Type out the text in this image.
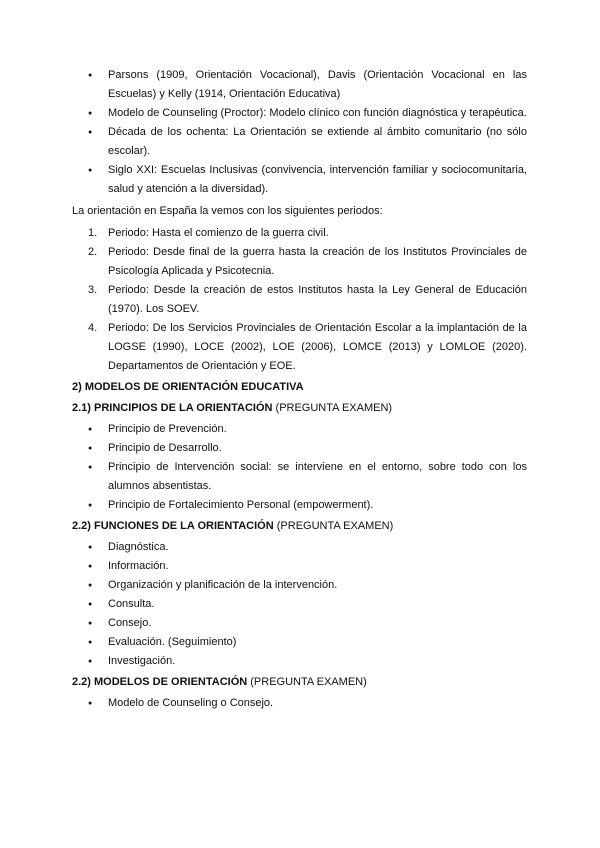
● Parsons (1909, Orientación Vocacional), Davis (Orientación Vocacional en las Escuelas) y Kelly (1914, Orientación Educativa)
● Modelo de Counseling (Proctor): Modelo clínico con función diagnóstica y terapéutica.
● Década de los ochenta: La Orientación se extiende al ámbito comunitario (no sólo escolar).
● Siglo XXI: Escuelas Inclusivas (convivencia, intervención familiar y sociocomunitaria, salud y atención a la diversidad).

La orientación en España la vemos con los siguientes periodos:

1. Periodo: Hasta el comienzo de la guerra civil.
2. Periodo: Desde final de la guerra hasta la creación de los Institutos Provinciales de Psicología Aplicada y Psicotecnia.
3. Periodo: Desde la creación de estos Institutos hasta la Ley General de Educación (1970). Los SOEV.
4. Periodo: De los Servicios Provinciales de Orientación Escolar a la implantación de la LOGSE (1990), LOCE (2002), LOE (2006), LOMCE (2013) y LOMLOE (2020). Departamentos de Orientación y EOE.

2) MODELOS DE ORIENTACIÓN EDUCATIVA

2.1) PRINCIPIOS DE LA ORIENTACIÓN (PREGUNTA EXAMEN)

● Principio de Prevención.
● Principio de Desarrollo.
● Principio de Intervención social: se interviene en el entorno, sobre todo con los alumnos absentistas.
● Principio de Fortalecimiento Personal (empowerment).

2.2) FUNCIONES DE LA ORIENTACIÓN (PREGUNTA EXAMEN)

● Diagnóstica.
● Información.
● Organización y planificación de la intervención.
● Consulta.
● Consejo.
● Evaluación. (Seguimiento)
● Investigación.

2.2) MODELOS DE ORIENTACIÓN (PREGUNTA EXAMEN)

● Modelo de Counseling o Consejo.
